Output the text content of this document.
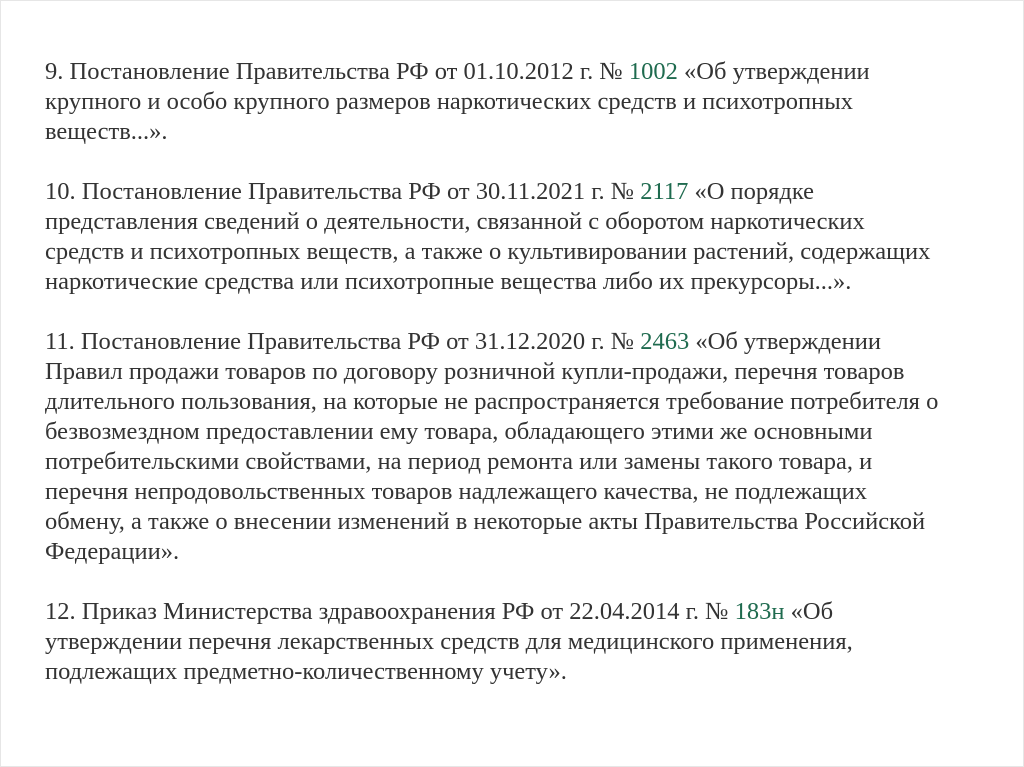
9. Постановление Правительства РФ от 01.10.2012 г. № 1002 «Об утверждении
крупного и особо крупного размеров наркотических средств и психотропных
веществ...».
10. Постановление Правительства РФ от 30.11.2021 г. № 2117 «О порядке
представления сведений о деятельности, связанной с оборотом наркотических
средств и психотропных веществ, а также о культивировании растений, содержащих
наркотические средства или психотропные вещества либо их прекурсоры...».
11. Постановление Правительства РФ от 31.12.2020 г. № 2463 «Об утверждении
Правил продажи товаров по договору розничной купли-продажи, перечня товаров
длительного пользования, на которые не распространяется требование потребителя о
безвозмездном предоставлении ему товара, обладающего этими же основными
потребительскими свойствами, на период ремонта или замены такого товара, и
перечня непродовольственных товаров надлежащего качества, не подлежащих
обмену, а также о внесении изменений в некоторые акты Правительства Российской
Федерации».
12. Приказ Министерства здравоохранения РФ от 22.04.2014 г. № 183н «Об
утверждении перечня лекарственных средств для медицинского применения,
подлежащих предметно-количественному учету».
